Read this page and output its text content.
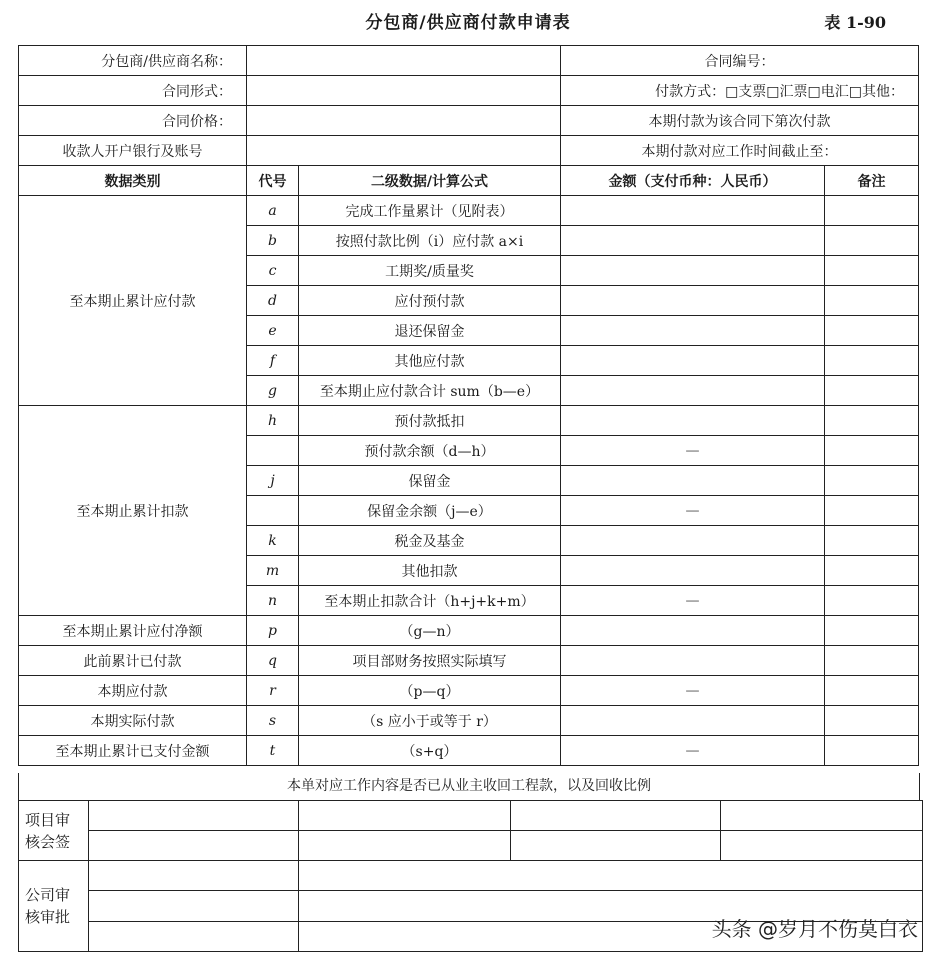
分包商/供应商付款申请表	表 1-90
分包商/供应商名称：			合同编号：	
合同形式：			付款方式：□支票□汇票□电汇□其他：	
合同价格：			本期付款为该合同下第次付款	
收款人开户银行及账号			本期付款对应工作时间截止至：	
数据类别	代号	二级数据/计算公式	金额（支付币种：人民币）	备注
至本期止累计应付款	a	完成工作量累计（见附表）		
	b	按照付款比例（i）应付款 a×i		
	c	工期奖/质量奖		
	d	应付预付款		
	e	退还保留金		
	f	其他应付款		
	g	至本期止应付款合计 sum（b—e）		
至本期止累计扣款	h	预付款抵扣		
		预付款余额（d—h）	—	
	j	保留金		
		保留金余额（j—e）	—	
	k	税金及基金		
	m	其他扣款		
	n	至本期止扣款合计（h+j+k+m）	—	
至本期止累计应付净额	p	（g—n）		
此前累计已付款	q	项目部财务按照实际填写		
本期应付款	r	（p—q）	—	
本期实际付款	s	（s 应小于或等于 r）		
至本期止累计已支付金额	t	（s+q）	—	
本单对应工作内容是否已从业主收回工程款，以及回收比例
项目审核会签				

公司审核审批				

		头条 @岁月不伤莫白衣
